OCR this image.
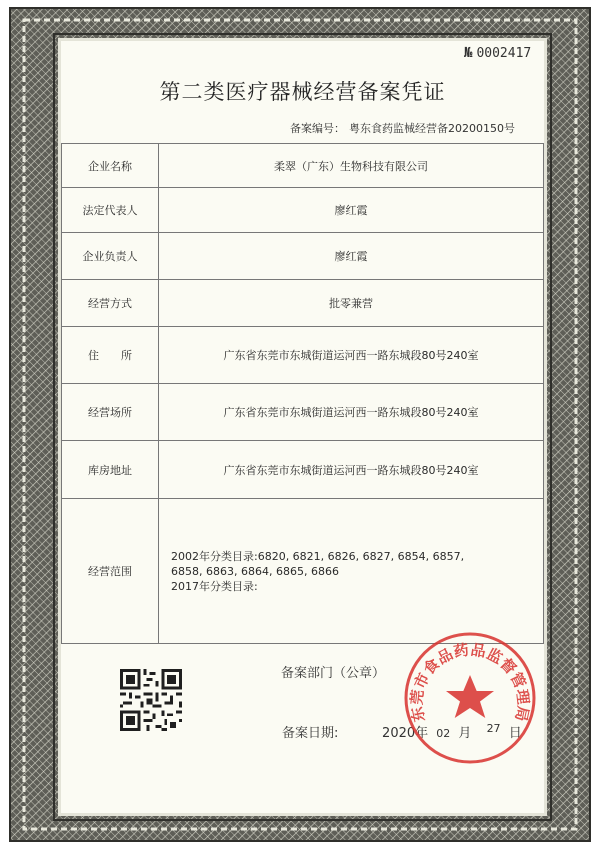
№ 0002417
第二类医疗器械经营备案凭证
备案编号： 粤东食药监械经营备20200150号
企业名称	柔翠（广东）生物科技有限公司
法定代表人	廖红霞
企业负责人	廖红霞
经营方式	批零兼营
住　　所	广东省东莞市东城街道运河西一路东城段80号240室
经营场所	广东省东莞市东城街道运河西一路东城段80号240室
库房地址	广东省东莞市东城街道运河西一路东城段80号240室
经营范围	2002年分类目录:6820, 6821, 6826, 6827, 6854, 6857,
6858, 6863, 6864, 6865, 6866
2017年分类目录:
备案部门（公章）
备案日期:	2020年 02 月 27 日
东莞市食品药品监督管理局
